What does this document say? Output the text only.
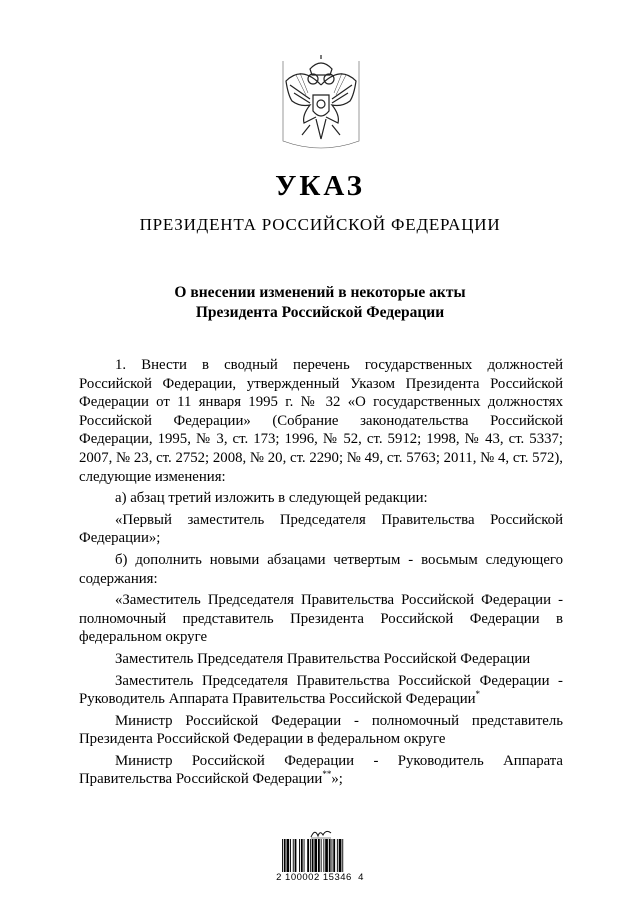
УКАЗ
ПРЕЗИДЕНТА РОССИЙСКОЙ ФЕДЕРАЦИИ
О внесении изменений в некоторые акты
Президента Российской Федерации
1. Внести в сводный перечень государственных должностей Российской Федерации, утвержденный Указом Президента Российской Федерации от 11 января 1995 г. № 32 «О государственных должностях Российской Федерации» (Собрание законодательства Российской Федерации, 1995, № 3, ст. 173; 1996, № 52, ст. 5912; 1998, № 43, ст. 5337; 2007, № 23, ст. 2752; 2008, № 20, ст. 2290; № 49, ст. 5763; 2011, № 4, ст. 572), следующие изменения:
а) абзац третий изложить в следующей редакции:
«Первый заместитель Председателя Правительства Российской Федерации»;
б) дополнить новыми абзацами четвертым - восьмым следующего содержания:
«Заместитель Председателя Правительства Российской Федерации - полномочный представитель Президента Российской Федерации в федеральном округе
Заместитель Председателя Правительства Российской Федерации
Заместитель Председателя Правительства Российской Федерации - Руководитель Аппарата Правительства Российской Федерации*
Министр Российской Федерации - полномочный представитель Президента Российской Федерации в федеральном округе
Министр Российской Федерации - Руководитель Аппарата Правительства Российской Федерации**»;
2 100002 15346  4
